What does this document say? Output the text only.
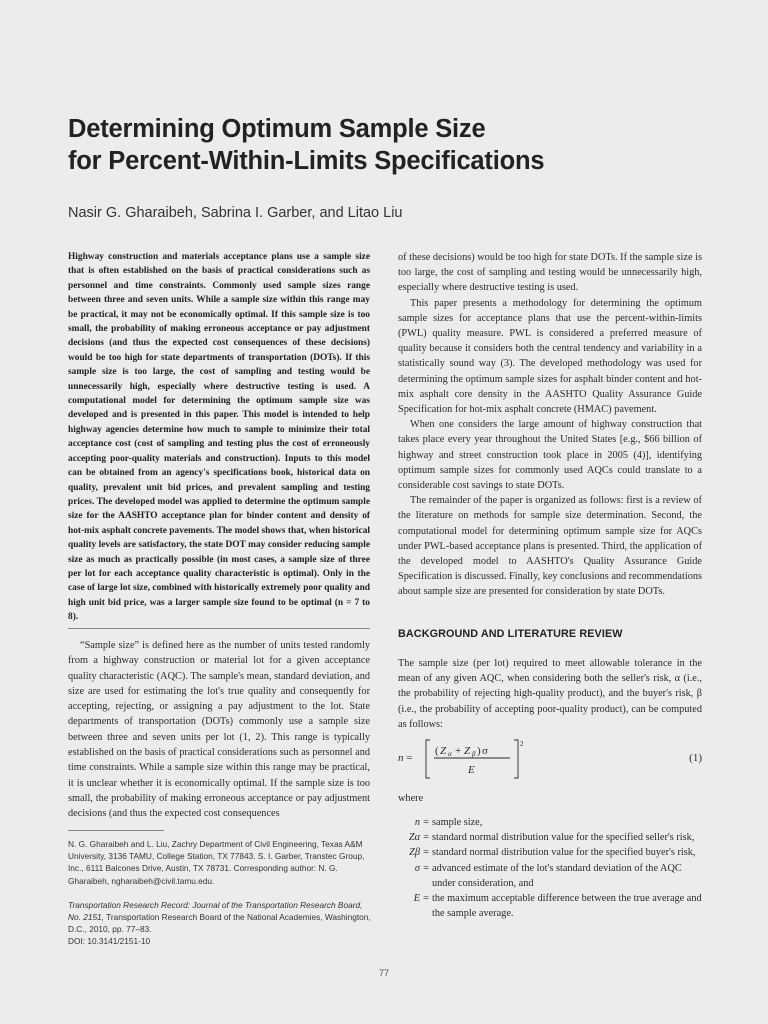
Determining Optimum Sample Size
for Percent-Within-Limits Specifications
Nasir G. Gharaibeh, Sabrina I. Garber, and Litao Liu
Highway construction and materials acceptance plans use a sample size that is often established on the basis of practical considerations such as personnel and time constraints. Commonly used sample sizes range between three and seven units. While a sample size within this range may be practical, it may not be economically optimal. If this sample size is too small, the probability of making erroneous acceptance or pay adjustment decisions (and thus the expected cost consequences of these decisions) would be too high for state departments of transportation (DOTs). If this sample size is too large, the cost of sampling and testing would be unnecessarily high, especially where destructive testing is used. A computational model for determining the optimum sample size was developed and is presented in this paper. This model is intended to help highway agencies determine how much to sample to minimize their total acceptance cost (cost of sampling and testing plus the cost of erroneously accepting poor-quality materials and construction). Inputs to this model can be obtained from an agency's specifications book, historical data on quality, prevalent unit bid prices, and prevalent sampling and testing prices. The developed model was applied to determine the optimum sample size for the AASHTO acceptance plan for binder content and density of hot-mix asphalt concrete pavements. The model shows that, when historical quality levels are satisfactory, the state DOT may consider reducing sample size as much as practically possible (in most cases, a sample size of three per lot for each acceptance quality characteristic is optimal). Only in the case of large lot size, combined with historically extremely poor quality and high unit bid price, was a larger sample size found to be optimal (n = 7 to 8).

“Sample size” is defined here as the number of units tested randomly from a highway construction or material lot for a given acceptance quality characteristic (AQC). The sample's mean, standard deviation, and size are used for estimating the lot's true quality and consequently for accepting, rejecting, or assigning a pay adjustment to the lot. State departments of transportation (DOTs) commonly use a sample size between three and seven units per lot (1, 2). This range is typically established on the basis of practical considerations such as personnel and time constraints. While a sample size within this range may be practical, it is unclear whether it is economically optimal. If the sample size is too small, the probability of making erroneous acceptance or pay adjustment decisions (and thus the expected cost consequences

N. G. Gharaibeh and L. Liu, Zachry Department of Civil Engineering, Texas A&M University, 3136 TAMU, College Station, TX 77843. S. I. Garber, Transtec Group, Inc., 6111 Balcones Drive, Austin, TX 78731. Corresponding author: N. G. Gharaibeh, ngharaibeh@civil.tamu.edu.

Transportation Research Record: Journal of the Transportation Research Board, No. 2151, Transportation Research Board of the National Academies, Washington, D.C., 2010, pp. 77–83.
DOI: 10.3141/2151-10

of these decisions) would be too high for state DOTs. If the sample size is too large, the cost of sampling and testing would be unnecessarily high, especially where destructive testing is used.

This paper presents a methodology for determining the optimum sample sizes for acceptance plans that use the percent-within-limits (PWL) quality measure. PWL is considered a preferred measure of quality because it considers both the central tendency and variability in a statistically sound way (3). The developed methodology was used for determining the optimum sample sizes for asphalt binder content and hot-mix asphalt core density in the AASHTO Quality Assurance Guide Specification for hot-mix asphalt concrete (HMAC) pavement.

When one considers the large amount of highway construction that takes place every year throughout the United States [e.g., $66 billion of highway and street construction took place in 2005 (4)], identifying optimum sample sizes for commonly used AQCs could translate to a considerable cost savings to state DOTs.

The remainder of the paper is organized as follows: first is a review of the literature on methods for sample size determination. Second, the computational model for determining optimum sample size for AQCs under PWL-based acceptance plans is presented. Third, the application of the developed model to AASHTO's Quality Assurance Guide Specification is discussed. Finally, key conclusions and recommendations about sample size are presented for consideration by state DOTs.

BACKGROUND AND LITERATURE REVIEW
The sample size (per lot) required to meet allowable tolerance in the mean of any given AQC, when considering both the seller's risk, α (i.e., the probability of rejecting high-quality product), and the buyer's risk, β (i.e., the probability of accepting poor-quality product), can be computed as follows:
n =
( Z α + Z β ) σ
E
2
(1)
where
n = sample size,
Zα = standard normal distribution value for the specified seller's risk,
Zβ = standard normal distribution value for the specified buyer's risk,
σ = advanced estimate of the lot's standard deviation of the AQC under consideration, and
E = the maximum acceptable difference between the true average and the sample average.
77
